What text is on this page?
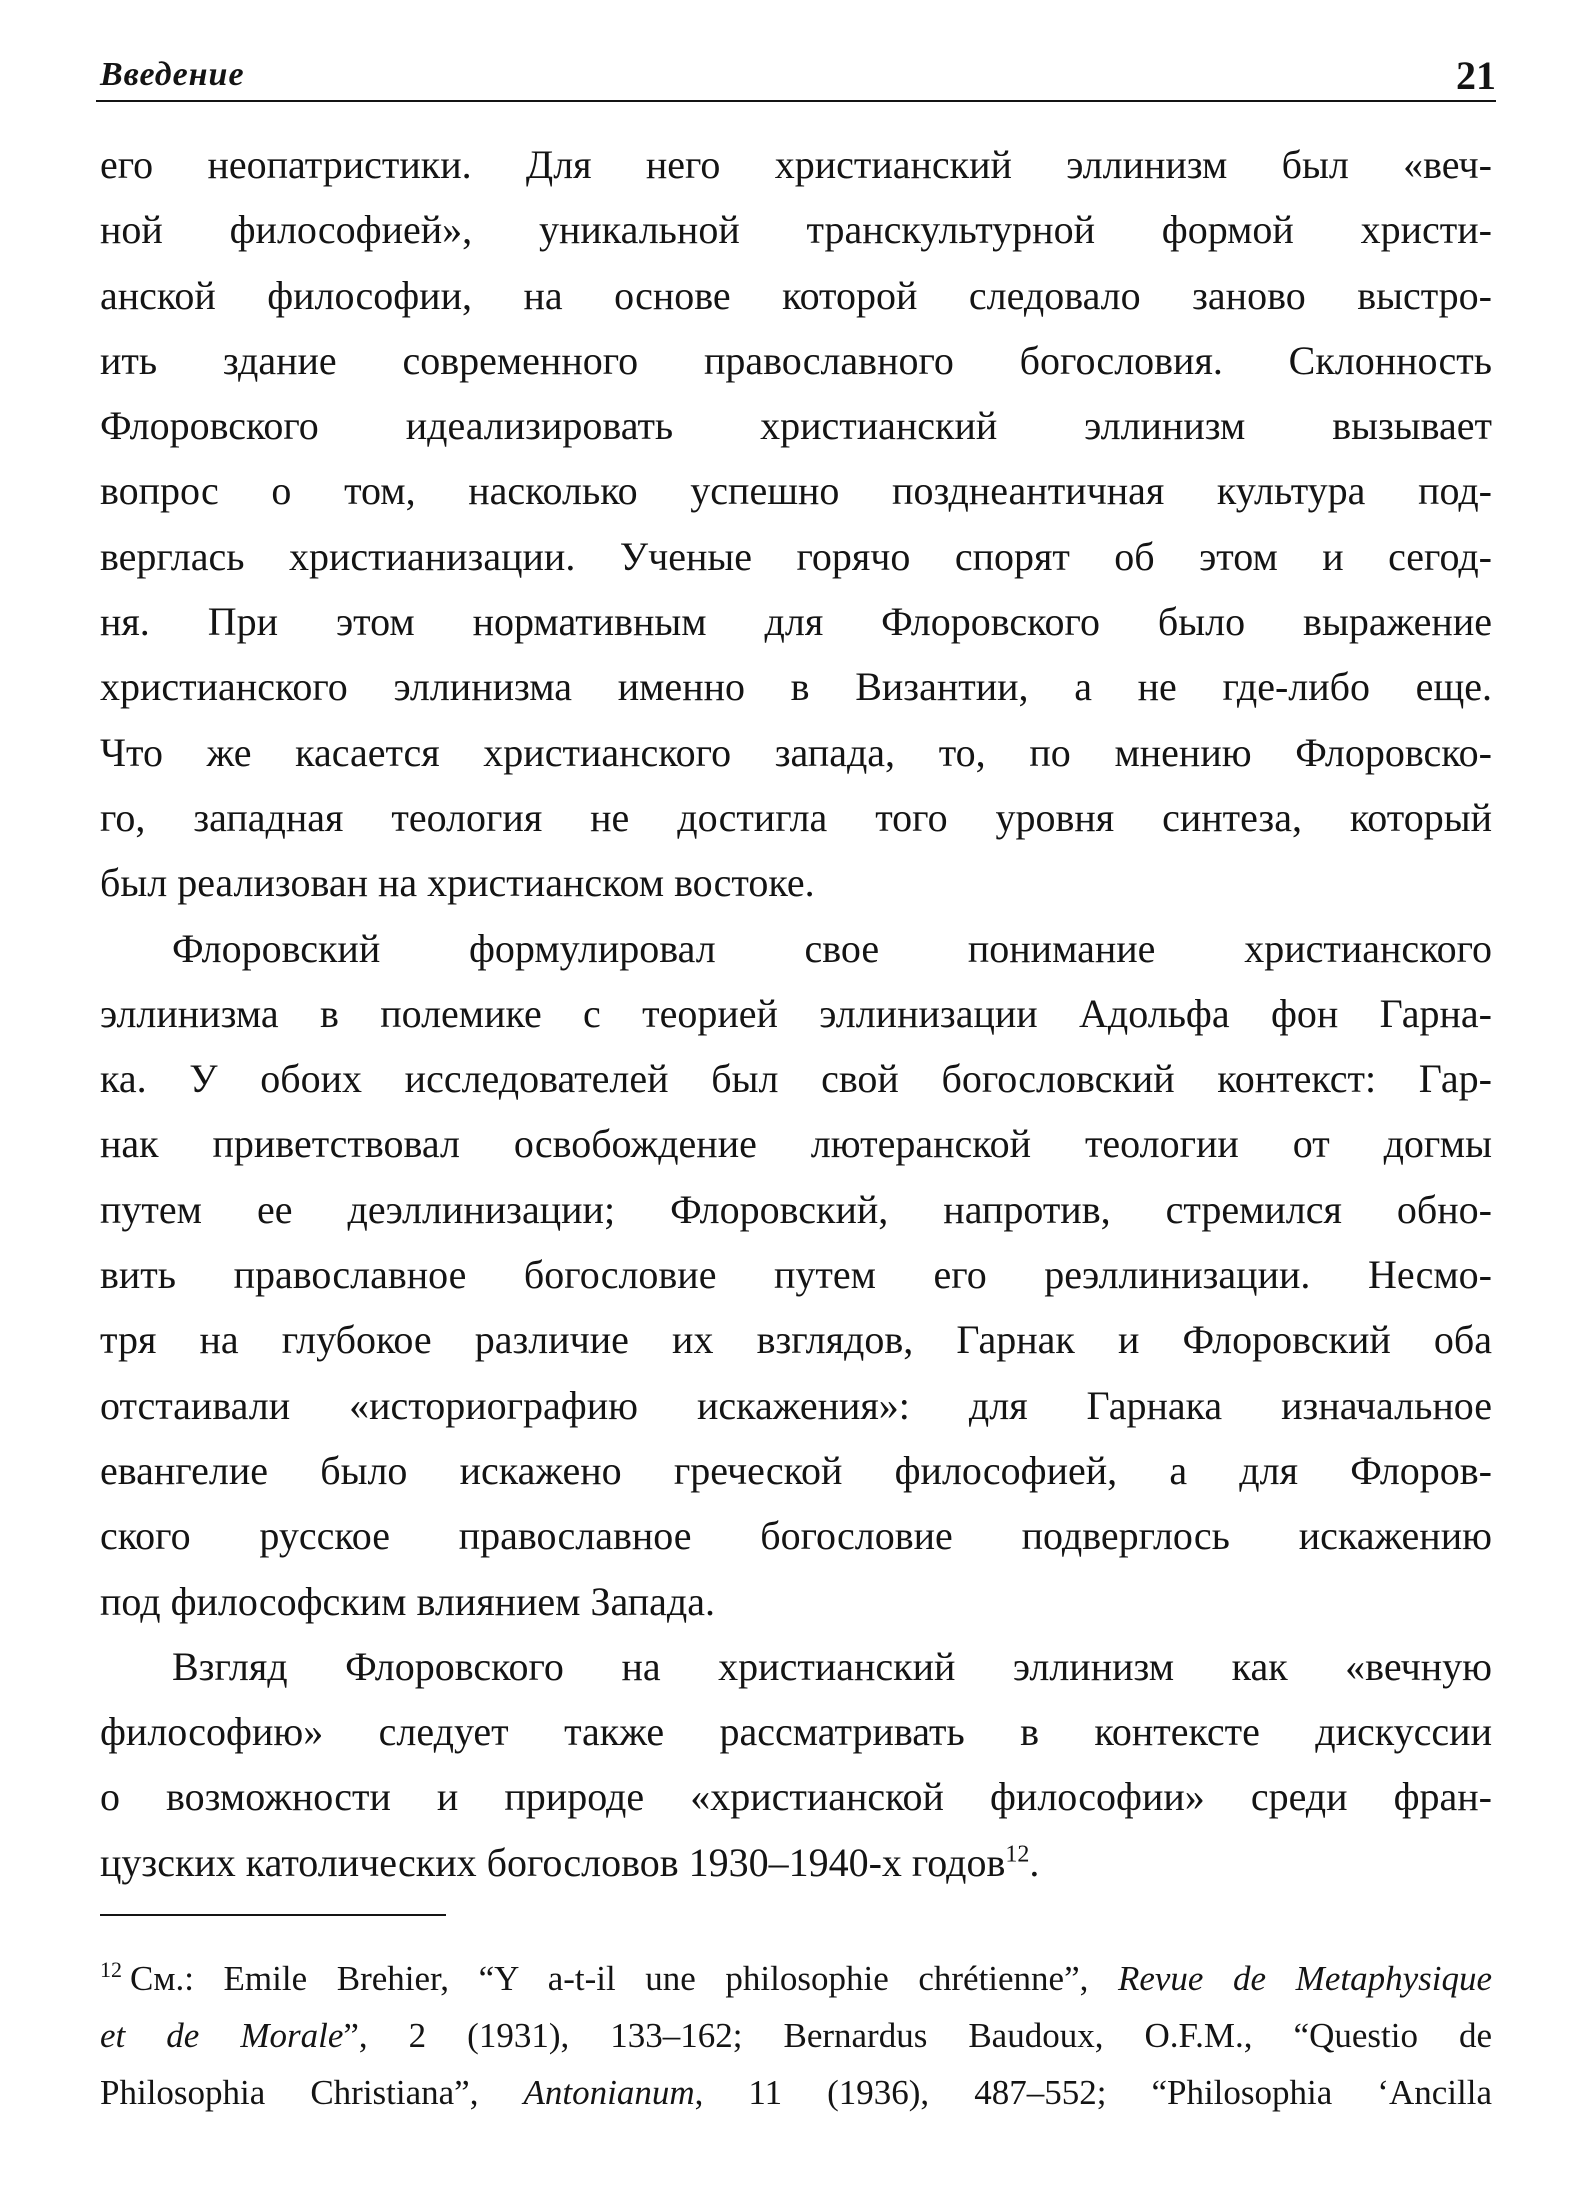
Введение	21
его неопатристики. Для него христианский эллинизм был «веч-
ной философией», уникальной транскультурной формой христи-
анской философии, на основе которой следовало заново выстро-
ить здание современного православного богословия. Склонность
Флоровского идеализировать христианский эллинизм вызывает
вопрос о том, насколько успешно позднеантичная культура под-
верглась христианизации. Ученые горячо спорят об этом и сегод-
ня. При этом нормативным для Флоровского было выражение
христианского эллинизма именно в Византии, а не где-либо еще.
Что же касается христианского запада, то, по мнению Флоровско-
го, западная теология не достигла того уровня синтеза, который
был реализован на христианском востоке.
Флоровский формулировал свое понимание христианского
эллинизма в полемике с теорией эллинизации Адольфа фон Гарна-
ка. У обоих исследователей был свой богословский контекст: Гар-
нак приветствовал освобождение лютеранской теологии от догмы
путем ее деэллинизации; Флоровский, напротив, стремился обно-
вить православное богословие путем его реэллинизации. Несмо-
тря на глубокое различие их взглядов, Гарнак и Флоровский оба
отстаивали «историографию искажения»: для Гарнака изначальное
евангелие было искажено греческой философией, а для Флоров-
ского русское православное богословие подверглось искажению
под философским влиянием Запада.
Взгляд Флоровского на христианский эллинизм как «вечную
философию» следует также рассматривать в контексте дискуссии
о возможности и природе «христианской философии» среди фран-
цузских католических богословов 1930–1940-х годов$^{12}$.
$^{12}$ См.: Emile Brehier, “Y a-t-il une philosophie chrétienne”, Revue de Metaphysique
et de Morale”, 2 (1931), 133–162; Bernardus Baudoux, O.F.M., “Questio de
Philosophia Christiana”, Antonianum, 11 (1936), 487–552; “Philosophia ‘Ancilla
